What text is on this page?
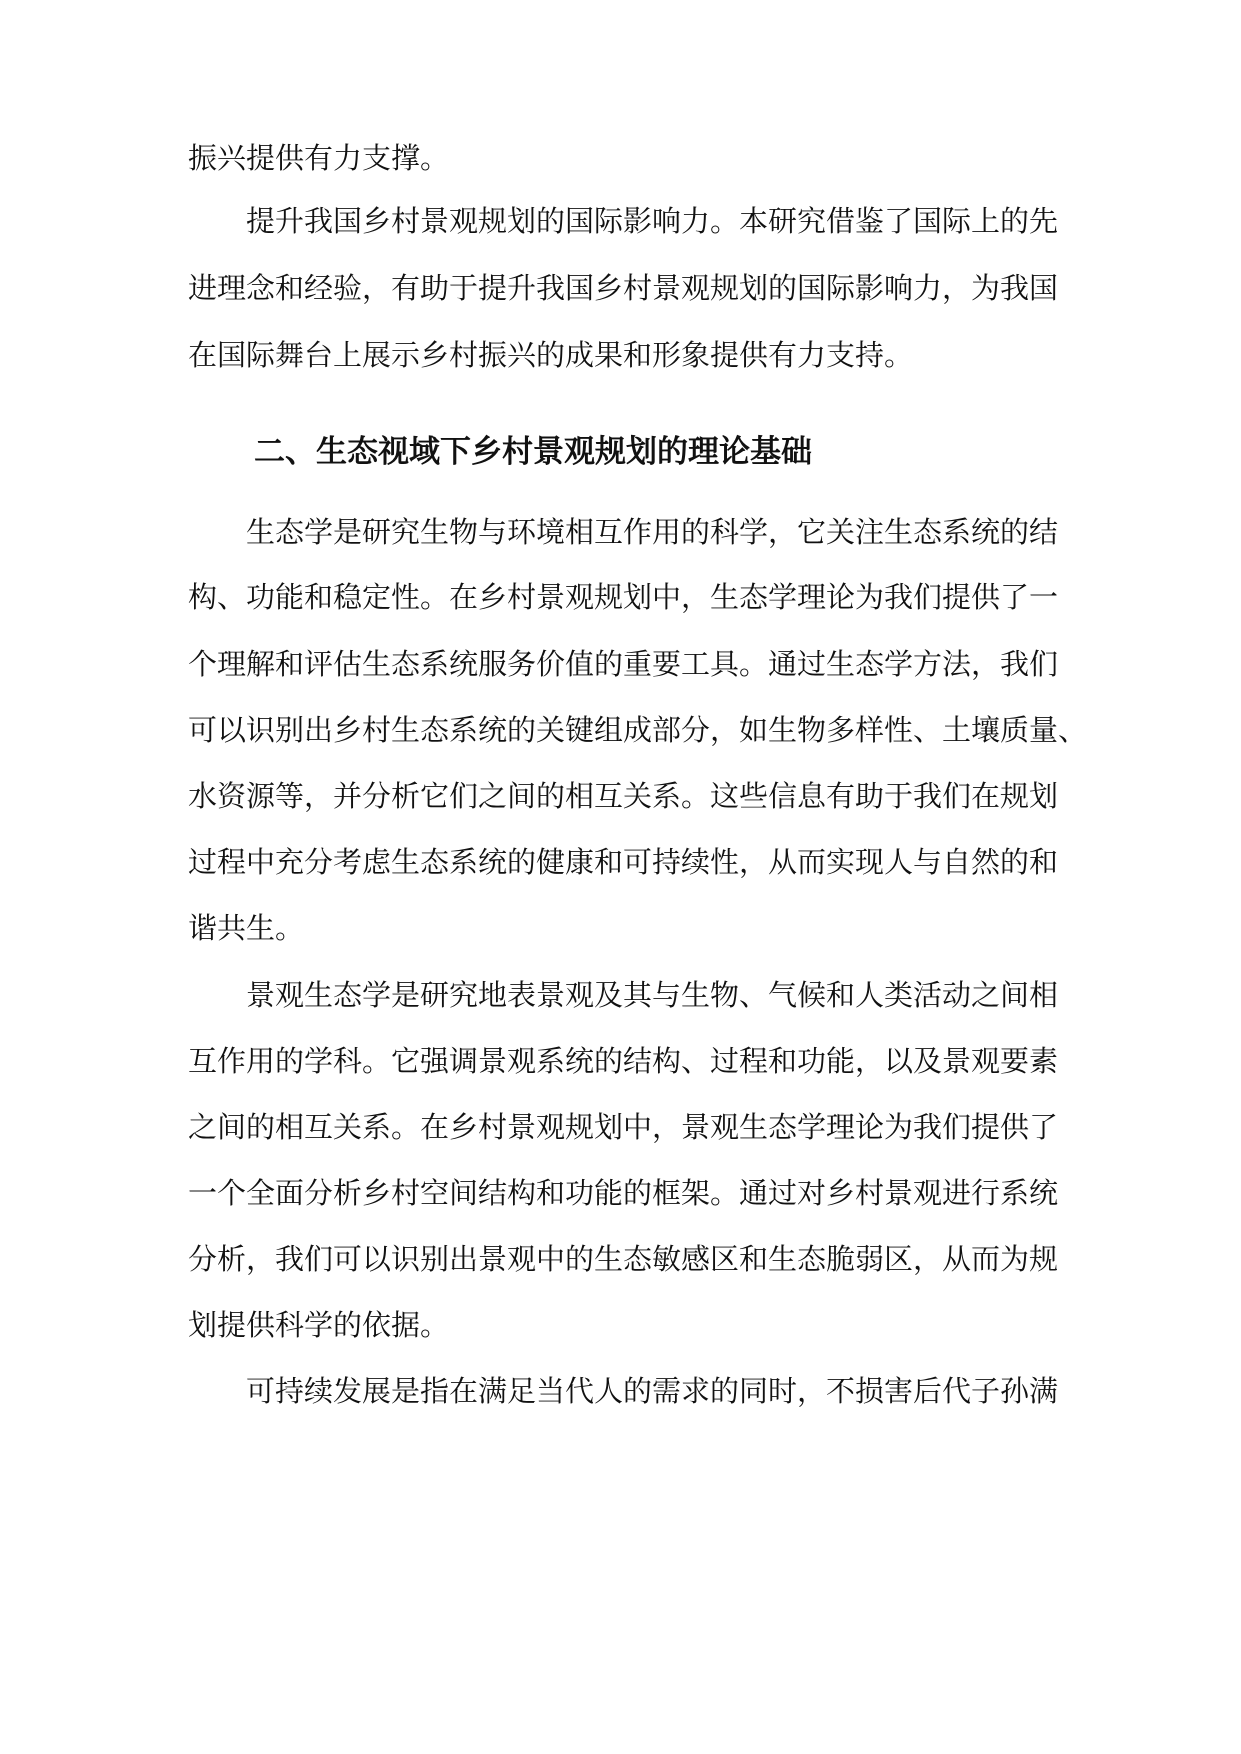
振兴提供有力支撑。
提升我国乡村景观规划的国际影响力。本研究借鉴了国际上的先
进理念和经验，有助于提升我国乡村景观规划的国际影响力，为我国
在国际舞台上展示乡村振兴的成果和形象提供有力支持。
二、生态视域下乡村景观规划的理论基础
生态学是研究生物与环境相互作用的科学，它关注生态系统的结
构、功能和稳定性。在乡村景观规划中，生态学理论为我们提供了一
个理解和评估生态系统服务价值的重要工具。通过生态学方法，我们
可以识别出乡村生态系统的关键组成部分，如生物多样性、土壤质量、
水资源等，并分析它们之间的相互关系。这些信息有助于我们在规划
过程中充分考虑生态系统的健康和可持续性，从而实现人与自然的和
谐共生。
景观生态学是研究地表景观及其与生物、气候和人类活动之间相
互作用的学科。它强调景观系统的结构、过程和功能，以及景观要素
之间的相互关系。在乡村景观规划中，景观生态学理论为我们提供了
一个全面分析乡村空间结构和功能的框架。通过对乡村景观进行系统
分析，我们可以识别出景观中的生态敏感区和生态脆弱区，从而为规
划提供科学的依据。
可持续发展是指在满足当代人的需求的同时，不损害后代子孙满
